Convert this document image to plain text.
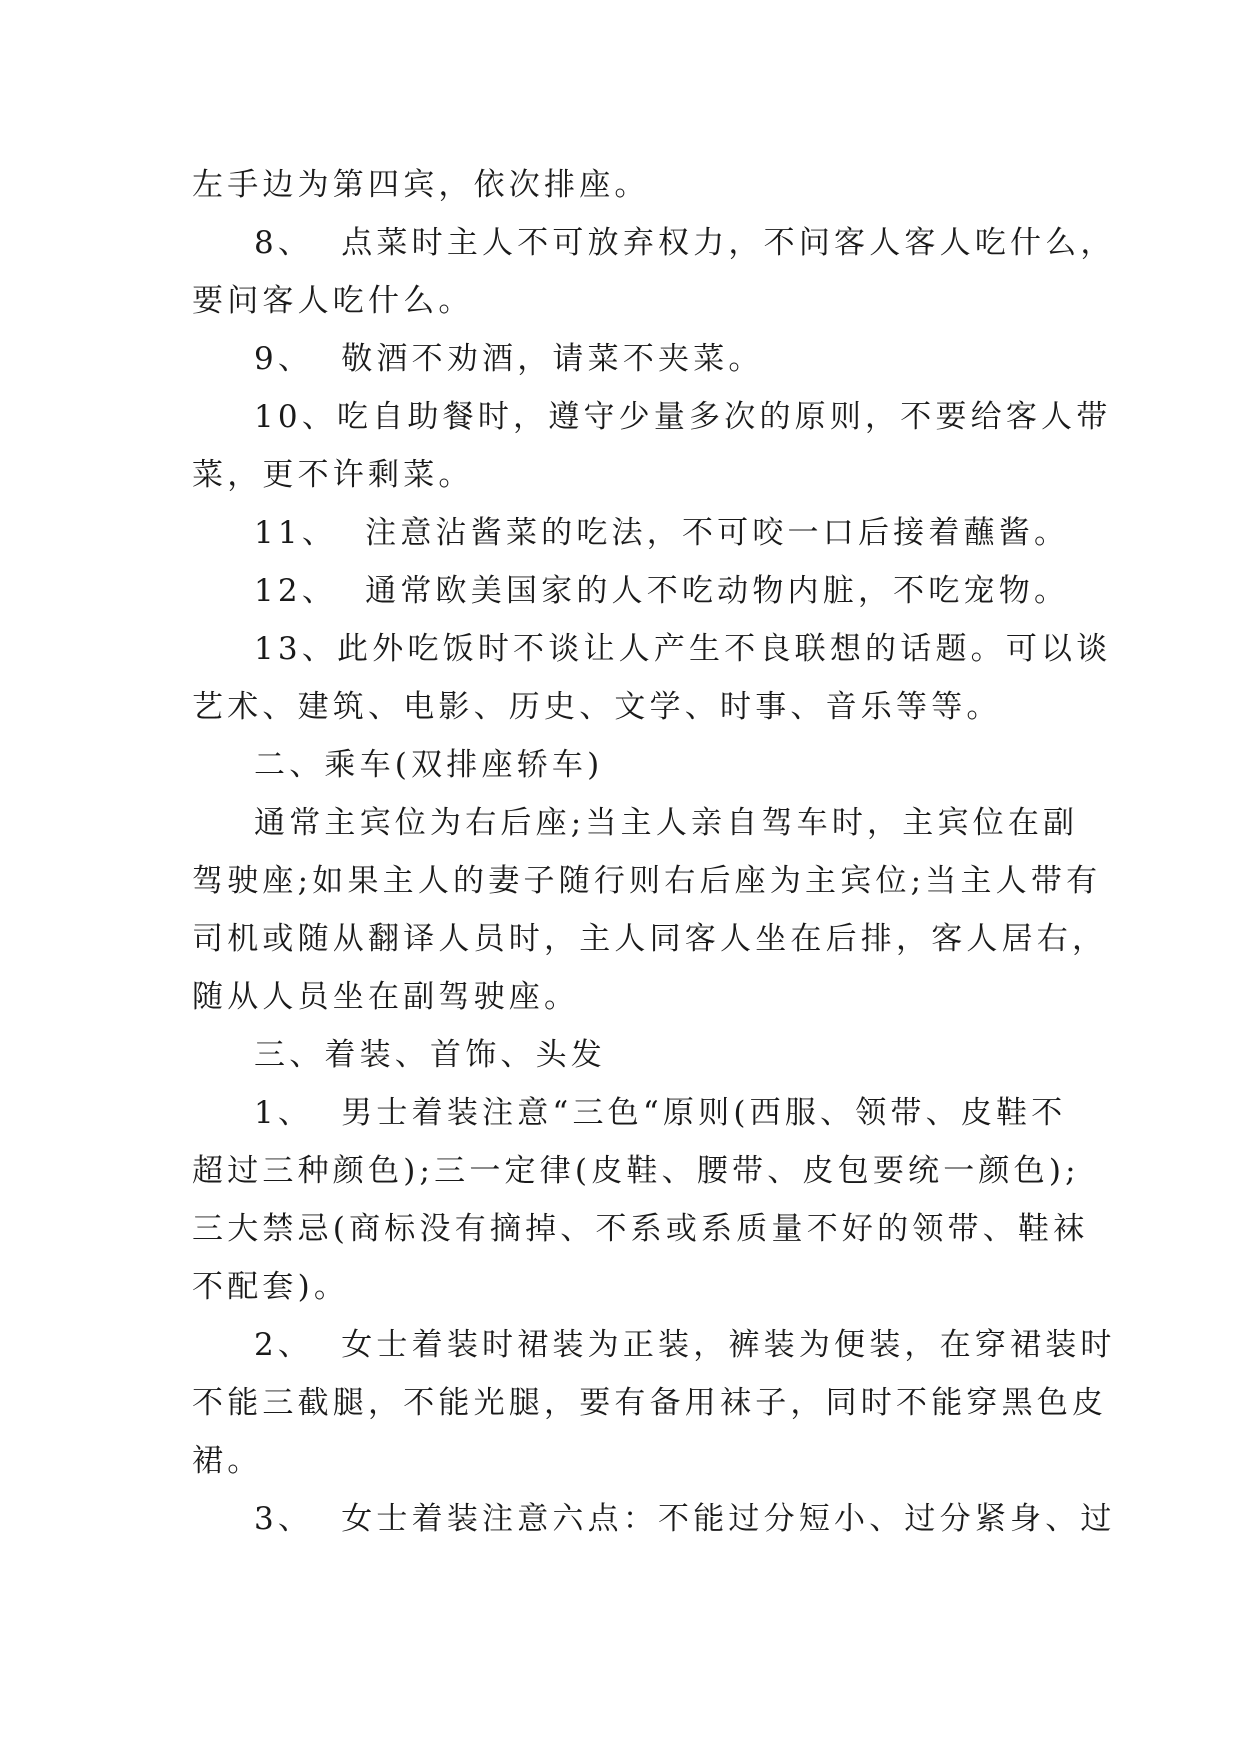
左手边为第四宾，依次排座。
8、  点菜时主人不可放弃权力，不问客人客人吃什么，
要问客人吃什么。
9、  敬酒不劝酒，请菜不夹菜。
10、吃自助餐时，遵守少量多次的原则，不要给客人带
菜，更不许剩菜。
11、  注意沾酱菜的吃法，不可咬一口后接着蘸酱。
12、  通常欧美国家的人不吃动物内脏，不吃宠物。
13、此外吃饭时不谈让人产生不良联想的话题。可以谈
艺术、建筑、电影、历史、文学、时事、音乐等等。
二、乘车(双排座轿车)
通常主宾位为右后座;当主人亲自驾车时，主宾位在副
驾驶座;如果主人的妻子随行则右后座为主宾位;当主人带有
司机或随从翻译人员时，主人同客人坐在后排，客人居右，
随从人员坐在副驾驶座。
三、着装、首饰、头发
1、  男士着装注意“三色“原则(西服、领带、皮鞋不
超过三种颜色);三一定律(皮鞋、腰带、皮包要统一颜色);
三大禁忌(商标没有摘掉、不系或系质量不好的领带、鞋袜
不配套)。
2、  女士着装时裙装为正装，裤装为便装，在穿裙装时
不能三截腿，不能光腿，要有备用袜子，同时不能穿黑色皮
裙。
3、  女士着装注意六点：不能过分短小、过分紧身、过
